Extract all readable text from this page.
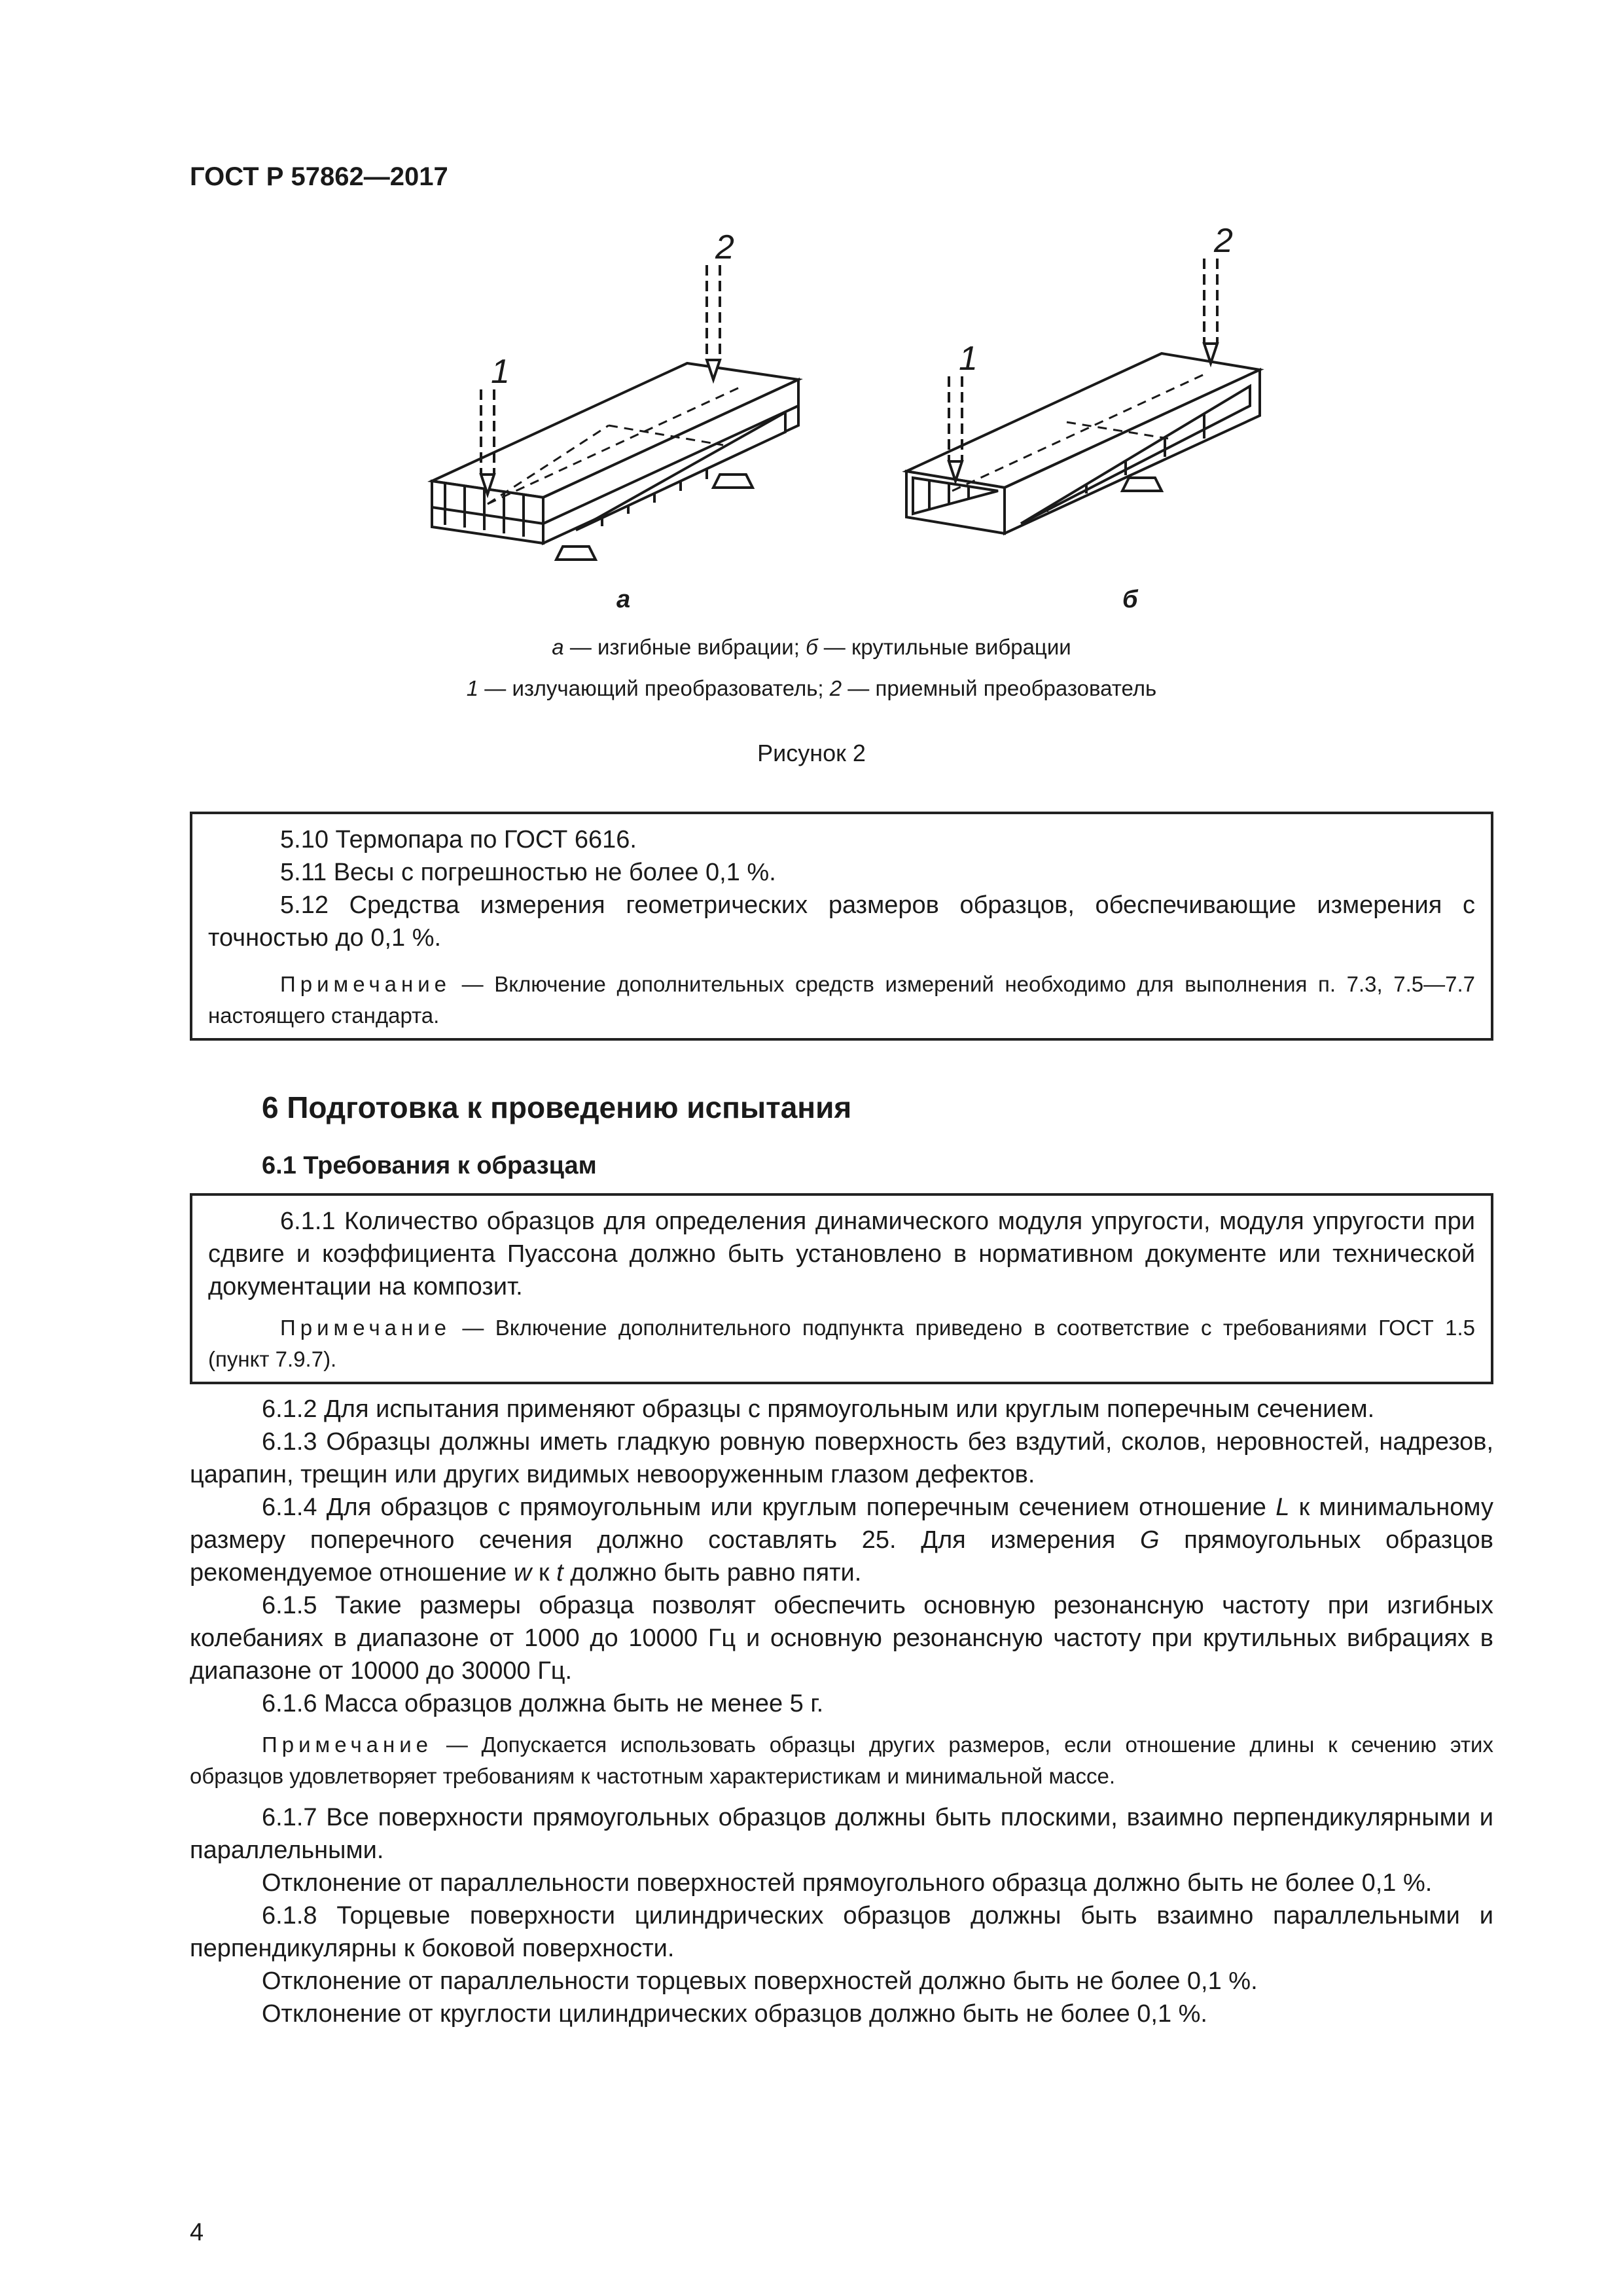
ГОСТ Р 57862—2017
1
2
1
2
а	б
а — изгибные вибрации; б — крутильные вибрации
1 — излучающий преобразователь; 2 — приемный преобразователь
Рисунок 2

5.10 Термопара по ГОСТ 6616.

5.11 Весы с погрешностью не более 0,1 %.

5.12 Средства измерения геометрических размеров образцов, обеспечивающие измерения с точностью до 0,1 %.

Примечание — Включение дополнительных средств измерений необходимо для выполнения п. 7.3, 7.5—7.7 настоящего стандарта.

6 Подготовка к проведению испытания
6.1 Требования к образцам

6.1.1 Количество образцов для определения динамического модуля упругости, модуля упругости при сдвиге и коэффициента Пуассона должно быть установлено в нормативном документе или технической документации на композит.

Примечание — Включение дополнительного подпункта приведено в соответствие с требованиями ГОСТ 1.5 (пункт 7.9.7).

6.1.2 Для испытания применяют образцы с прямоугольным или круглым поперечным сечением.

6.1.3 Образцы должны иметь гладкую ровную поверхность без вздутий, сколов, неровностей, надрезов, царапин, трещин или других видимых невооруженным глазом дефектов.

6.1.4 Для образцов с прямоугольным или круглым поперечным сечением отношение L к минимальному размеру поперечного сечения должно составлять 25. Для измерения G прямоугольных образцов рекомендуемое отношение w к t должно быть равно пяти.

6.1.5 Такие размеры образца позволят обеспечить основную резонансную частоту при изгибных колебаниях в диапазоне от 1000 до 10000 Гц и основную резонансную частоту при крутильных вибрациях в диапазоне от 10000 до 30000 Гц.

6.1.6 Масса образцов должна быть не менее 5 г.

Примечание — Допускается использовать образцы других размеров, если отношение длины к сечению этих образцов удовлетворяет требованиям к частотным характеристикам и минимальной массе.

6.1.7 Все поверхности прямоугольных образцов должны быть плоскими, взаимно перпендикулярными и параллельными.

Отклонение от параллельности поверхностей прямоугольного образца должно быть не более 0,1 %.

6.1.8 Торцевые поверхности цилиндрических образцов должны быть взаимно параллельными и перпендикулярны к боковой поверхности.

Отклонение от параллельности торцевых поверхностей должно быть не более 0,1 %.

Отклонение от круглости цилиндрических образцов должно быть не более 0,1 %.

4
